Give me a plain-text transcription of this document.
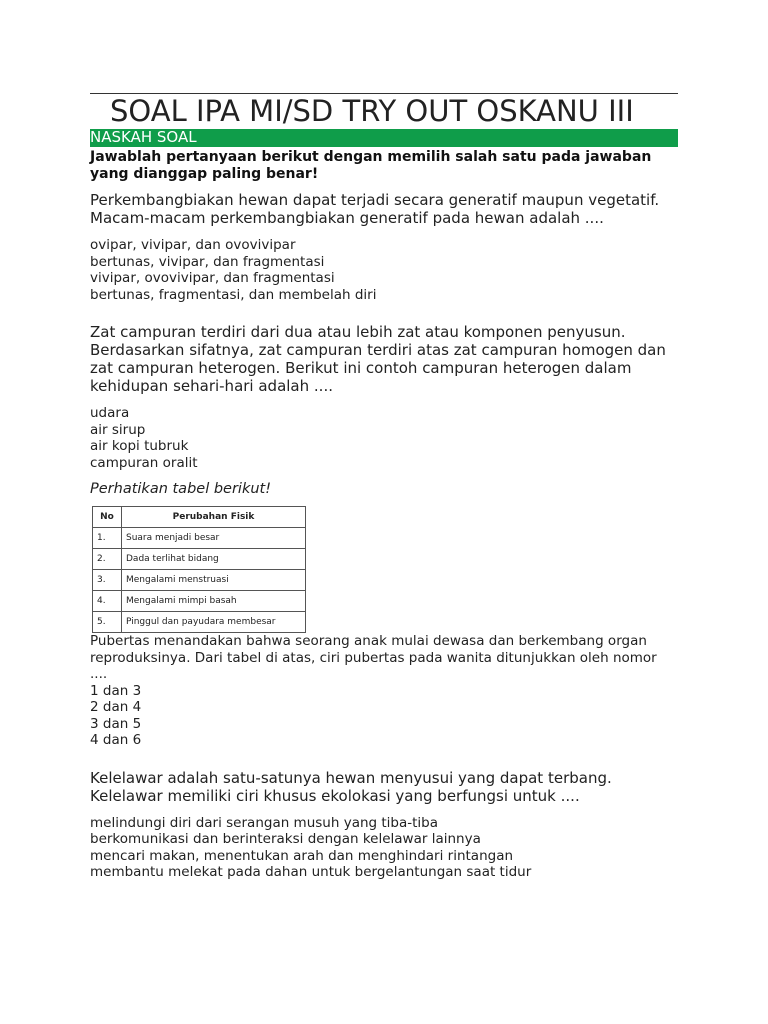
SOAL IPA MI/SD TRY OUT OSKANU III
NASKAH SOAL

Jawablah pertanyaan berikut dengan memilih salah satu pada jawaban yang dianggap paling benar!

Perkembangbiakan hewan dapat terjadi secara generatif maupun vegetatif. Macam-macam perkembangbiakan generatif pada hewan adalah ....

ovipar, vivipar, dan ovovivipar
bertunas, vivipar, dan fragmentasi
vivipar, ovovivipar, dan fragmentasi
bertunas, fragmentasi, dan membelah diri

Zat campuran terdiri dari dua atau lebih zat atau komponen penyusun. Berdasarkan sifatnya, zat campuran terdiri atas zat campuran homogen dan zat campuran heterogen. Berikut ini contoh campuran heterogen dalam kehidupan sehari-hari adalah ....

udara
air sirup
air kopi tubruk
campuran oralit

Perhatikan tabel berikut!

No	Perubahan Fisik
1.	Suara menjadi besar
2.	Dada terlihat bidang
3.	Mengalami menstruasi
4.	Mengalami mimpi basah
5.	Pinggul dan payudara membesar

Pubertas menandakan bahwa seorang anak mulai dewasa dan berkembang organ reproduksinya. Dari tabel di atas, ciri pubertas pada wanita ditunjukkan oleh nomor ....

1 dan 3
2 dan 4
3 dan 5
4 dan 6

Kelelawar adalah satu-satunya hewan menyusui yang dapat terbang. Kelelawar memiliki ciri khusus ekolokasi yang berfungsi untuk ....

melindungi diri dari serangan musuh yang tiba-tiba
berkomunikasi dan berinteraksi dengan kelelawar lainnya
mencari makan, menentukan arah dan menghindari rintangan
membantu melekat pada dahan untuk bergelantungan saat tidur
